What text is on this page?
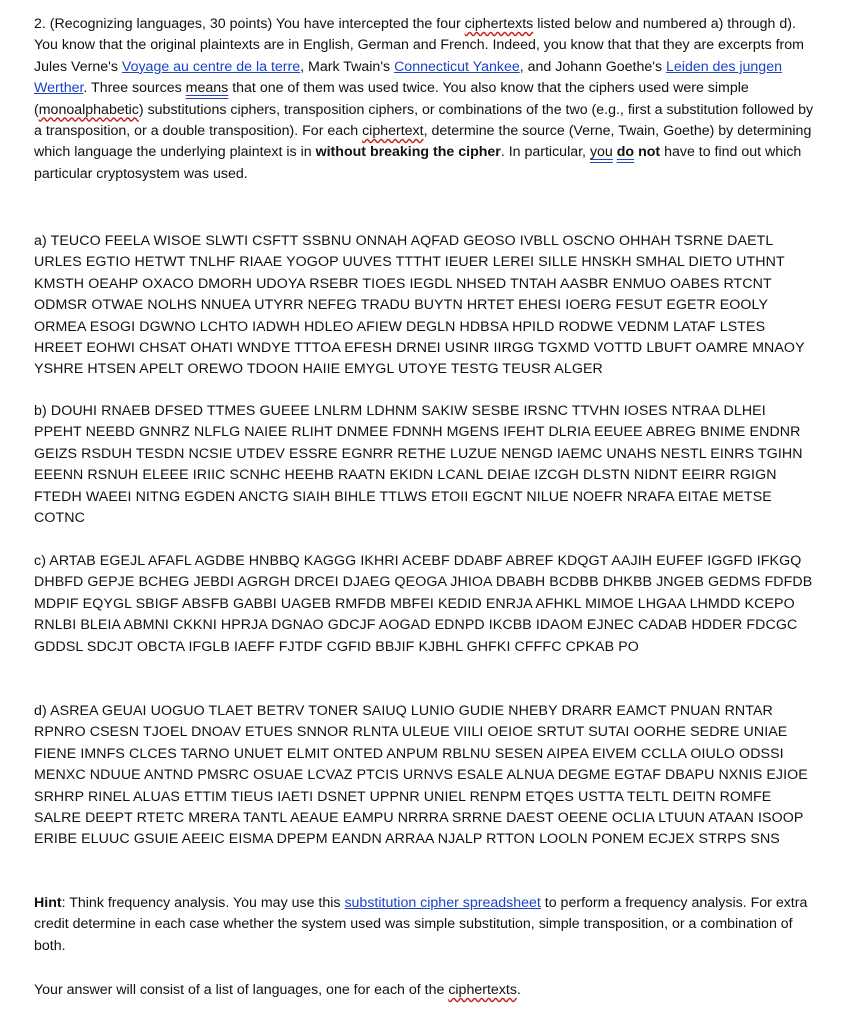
2. (Recognizing languages, 30 points) You have intercepted the four ciphertexts listed below and numbered a) through d). You know that the original plaintexts are in English, German and French. Indeed, you know that that they are excerpts from Jules Verne's Voyage au centre de la terre, Mark Twain's Connecticut Yankee, and Johann Goethe's Leiden des jungen Werther. Three sources means that one of them was used twice. You also know that the ciphers used were simple (monoalphabetic) substitutions ciphers, transposition ciphers, or combinations of the two (e.g., first a substitution followed by a transposition, or a double transposition). For each ciphertext, determine the source (Verne, Twain, Goethe) by determining which language the underlying plaintext is in without breaking the cipher. In particular, you do not have to find out which particular cryptosystem was used.

a) TEUCO FEELA WISOE SLWTI CSFTT SSBNU ONNAH AQFAD GEOSO IVBLL OSCNO OHHAH TSRNE DAETL URLES EGTIO HETWT TNLHF RIAAE YOGOP UUVES TTTHT IEUER LEREI SILLE HNSKH SMHAL DIETO UTHNT KMSTH OEAHP OXACO DMORH UDOYA RSEBR TIOES IEGDL NHSED TNTAH AASBR ENMUO OABES RTCNT ODMSR OTWAE NOLHS NNUEA UTYRR NEFEG TRADU BUYTN HRTET EHESI IOERG FESUT EGETR EOOLY ORMEA ESOGI DGWNO LCHTO IADWH HDLEO AFIEW DEGLN HDBSA HPILD RODWE VEDNM LATAF LSTES HREET EOHWI CHSAT OHATI WNDYE TTTOA EFESH DRNEI USINR IIRGG TGXMD VOTTD LBUFT OAMRE MNAOY YSHRE HTSEN APELT OREWO TDOON HAIIE EMYGL UTOYE TESTG TEUSR ALGER

b) DOUHI RNAEB DFSED TTMES GUEEE LNLRM LDHNM SAKIW SESBE IRSNC TTVHN IOSES NTRAA DLHEI PPEHT NEEBD GNNRZ NLFLG NAIEE RLIHT DNMEE FDNNH MGENS IFEHT DLRIA EEUEE ABREG BNIME ENDNR GEIZS RSDUH TESDN NCSIE UTDEV ESSRE EGNRR RETHE LUZUE NENGD IAEMC UNAHS NESTL EINRS TGIHN EEENN RSNUH ELEEE IRIIC SCNHC HEEHB RAATN EKIDN LCANL DEIAE IZCGH DLSTN NIDNT EEIRR RGIGN FTEDH WAEEI NITNG EGDEN ANCTG SIAIH BIHLE TTLWS ETOII EGCNT NILUE NOEFR NRAFA EITAE METSE COTNC

c) ARTAB EGEJL AFAFL AGDBE HNBBQ KAGGG IKHRI ACEBF DDABF ABREF KDQGT AAJIH EUFEF IGGFD IFKGQ DHBFD GEPJE BCHEG JEBDI AGRGH DRCEI DJAEG QEOGA JHIOA DBABH BCDBB DHKBB JNGEB GEDMS FDFDB MDPIF EQYGL SBIGF ABSFB GABBI UAGEB RMFDB MBFEI KEDID ENRJA AFHKL MIMOE LHGAA LHMDD KCEPO RNLBI BLEIA ABMNI CKKNI HPRJA DGNAO GDCJF AOGAD EDNPD IKCBB IDAOM EJNEC CADAB HDDER FDCGC GDDSL SDCJT OBCTA IFGLB IAEFF FJTDF CGFID BBJIF KJBHL GHFKI CFFFC CPKAB PO

d) ASREA GEUAI UOGUO TLAET BETRV TONER SAIUQ LUNIO GUDIE NHEBY DRARR EAMCT PNUAN RNTAR RPNRO CSESN TJOEL DNOAV ETUES SNNOR RLNTA ULEUE VIILI OEIOE SRTUT SUTAI OORHE SEDRE UNIAE FIENE IMNFS CLCES TARNO UNUET ELMIT ONTED ANPUM RBLNU SESEN AIPEA EIVEM CCLLA OIULO ODSSI MENXC NDUUE ANTND PMSRC OSUAE LCVAZ PTCIS URNVS ESALE ALNUA DEGME EGTAF DBAPU NXNIS EJIOE SRHRP RINEL ALUAS ETTIM TIEUS IAETI DSNET UPPNR UNIEL RENPM ETQES USTTA TELTL DEITN ROMFE SALRE DEEPT RTETC MRERA TANTL AEAUE EAMPU NRRRA SRRNE DAEST OEENE OCLIA LTUUN ATAAN ISOOP ERIBE ELUUC GSUIE AEEIC EISMA DPEPM EANDN ARRAA NJALP RTTON LOOLN PONEM ECJEX STRPS SNS

Hint: Think frequency analysis. You may use this substitution cipher spreadsheet to perform a frequency analysis. For extra credit determine in each case whether the system used was simple substitution, simple transposition, or a combination of both.

Your answer will consist of a list of languages, one for each of the ciphertexts.
